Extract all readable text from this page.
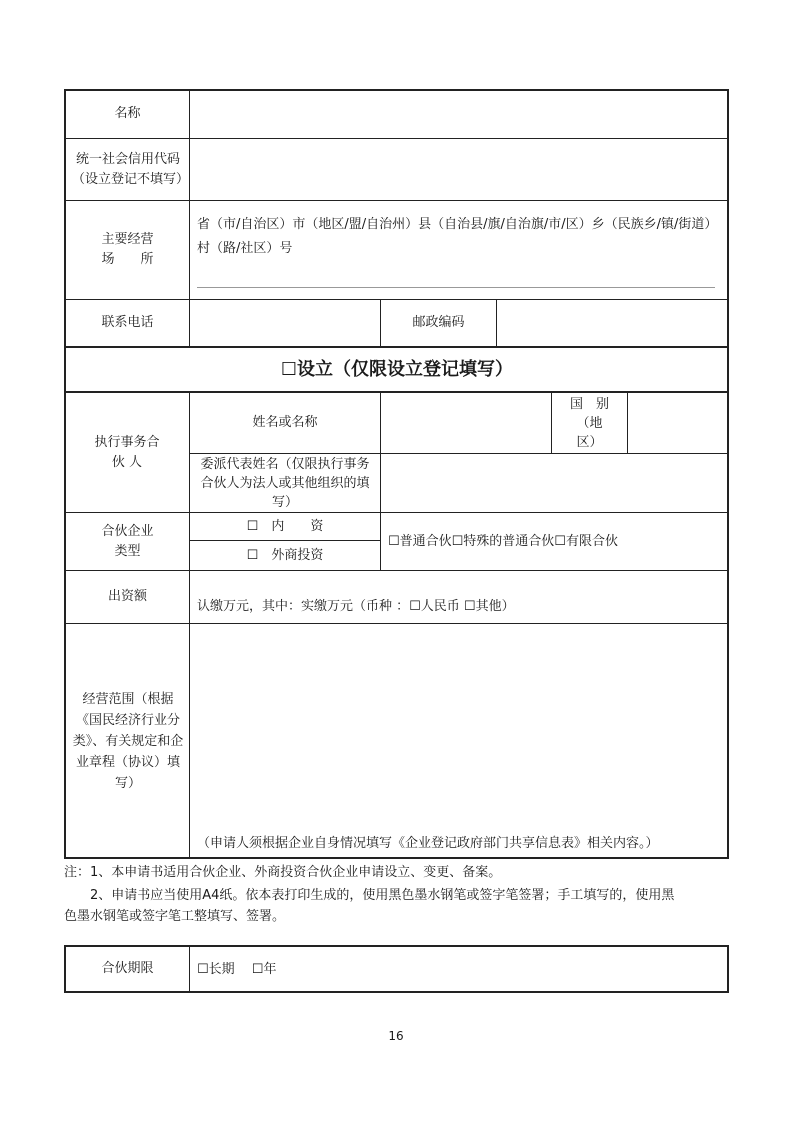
名称
统一社会信用代码（设立登记不填写）
主要经营
场　　所
省（市/自治区）市（地区/盟/自治州）县（自治县/旗/自治旗/市/区）乡（民族乡/镇/街道）村（路/社区）号
联系电话	邮政编码
☐设立（仅限设立登记填写）
执行事务合 伙 人
姓名或名称
国　别
（地
区）
委派代表姓名（仅限执行事务合伙人为法人或其他组织的填写）
合伙企业
类型
☐　内　　资
☐　外商投资
☐普通合伙☐特殊的普通合伙☐有限合伙
出资额
认缴万元，其中：实缴万元（币种 ：☐人民币 ☐其他）
经营范围（根据《国民经济行业分类》、有关规定和企业章程（协议）填写）
（申请人须根据企业自身情况填写《企业登记政府部门共享信息表》相关内容。）
注：1、本申请书适用合伙企业、外商投资合伙企业申请设立、变更、备案。
2、申请书应当使用A4纸。依本表打印生成的，使用黑色墨水钢笔或签字笔签署；手工填写的，使用黑
色墨水钢笔或签字笔工整填写、签署。
合伙期限	☐长期　 ☐年
16
